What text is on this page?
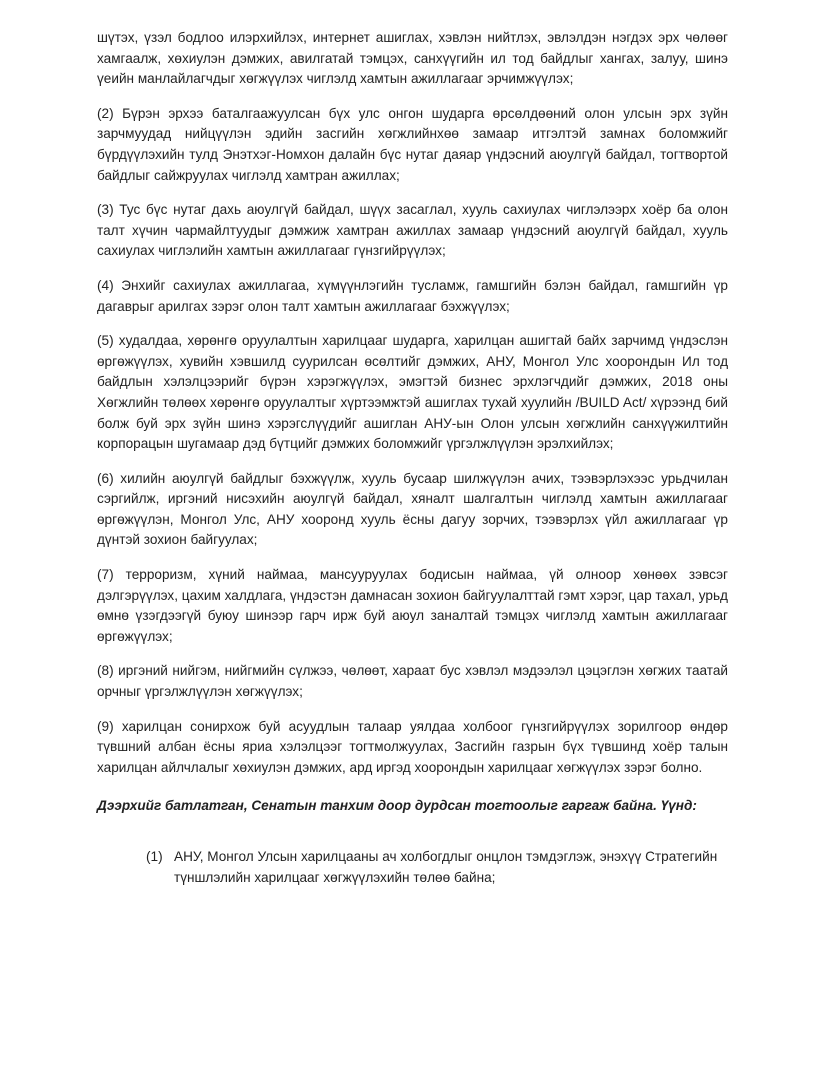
шүтэх, үзэл бодлоо илэрхийлэх, интернет ашиглах, хэвлэн нийтлэх, эвлэлдэн нэгдэх эрх чөлөөг хамгаалж, хөхиулэн дэмжих, авилгатай тэмцэх, санхүүгийн ил тод байдлыг хангах, залуу, шинэ үеийн манлайлагчдыг хөгжүүлэх чиглэлд хамтын ажиллагааг эрчимжүүлэх;

(2) Бүрэн эрхээ баталгаажуулсан бүх улс онгон шударга өрсөлдөөний олон улсын эрх зүйн зарчмуудад нийцүүлэн эдийн засгийн хөгжлийнхөө замаар итгэлтэй замнах боломжийг бүрдүүлэхийн тулд Энэтхэг-Номхон далайн бүс нутаг даяар үндэсний аюулгүй байдал, тогтвортой байдлыг сайжруулах чиглэлд хамтран ажиллах;

(3) Тус бүс нутаг дахь аюулгүй байдал, шүүх засаглал, хууль сахиулах чиглэлээрх хоёр ба олон талт хүчин чармайлтуудыг дэмжиж хамтран ажиллах замаар үндэсний аюулгүй байдал, хууль сахиулах чиглэлийн хамтын ажиллагааг гүнзгийрүүлэх;

(4) Энхийг сахиулах ажиллагаа, хүмүүнлэгийн тусламж, гамшгийн бэлэн байдал, гамшгийн үр дагаврыг арилгах зэрэг олон талт хамтын ажиллагааг бэхжүүлэх;

(5) худалдаа, хөрөнгө оруулалтын харилцааг шударга, харилцан ашигтай байх зарчимд үндэслэн өргөжүүлэх, хувийн хэвшилд суурилсан өсөлтийг дэмжих, АНУ, Монгол Улс хоорондын Ил тод байдлын хэлэлцээрийг бүрэн хэрэгжүүлэх, эмэгтэй бизнес эрхлэгчдийг дэмжих, 2018 оны Хөгжлийн төлөөх хөрөнгө оруулалтыг хүртээмжтэй ашиглах тухай хуулийн /BUILD Act/ хүрээнд бий болж буй эрх зүйн шинэ хэрэгслүүдийг ашиглан АНУ-ын Олон улсын хөгжлийн санхүүжилтийн корпорацын шугамаар дэд бүтцийг дэмжих боломжийг үргэлжлүүлэн эрэлхийлэх;

(6) хилийн аюулгүй байдлыг бэхжүүлж, хууль бусаар шилжүүлэн ачих, тээвэрлэхээс урьдчилан сэргийлж, иргэний нисэхийн аюулгүй байдал, хяналт шалгалтын чиглэлд хамтын ажиллагааг өргөжүүлэн, Монгол Улс, АНУ хооронд хууль ёсны дагуу зорчих, тээвэрлэх үйл ажиллагааг үр дүнтэй зохион байгуулах;

(7) терроризм, хүний наймаа, мансууруулах бодисын наймаа, үй олноор хөнөөх зэвсэг дэлгэрүүлэх, цахим халдлага, үндэстэн дамнасан зохион байгуулалттай гэмт хэрэг, цар тахал, урьд өмнө үзэгдээгүй буюу шинээр гарч ирж буй аюул заналтай тэмцэх чиглэлд хамтын ажиллагааг өргөжүүлэх;

(8) иргэний нийгэм, нийгмийн сүлжээ, чөлөөт, хараат бус хэвлэл мэдээлэл цэцэглэн хөгжих таатай орчныг үргэлжлүүлэн хөгжүүлэх;

(9) харилцан сонирхож буй асуудлын талаар уялдаа холбоог гүнзгийрүүлэх зорилгоор өндөр түвшний албан ёсны яриа хэлэлцээг тогтмолжуулах, Засгийн газрын бүх түвшинд хоёр талын харилцан айлчлалыг хөхиулэн дэмжих, ард иргэд хоорондын харилцааг хөгжүүлэх зэрэг болно.

Дээрхийг батлатган, Сенатын танхим доор дурдсан тогтоолыг гаргаж байна. Үүнд:

(1) АНУ, Монгол Улсын харилцааны ач холбогдлыг онцлон тэмдэглэж, энэхүү Стратегийн түншлэлийн харилцааг хөгжүүлэхийн төлөө байна;
